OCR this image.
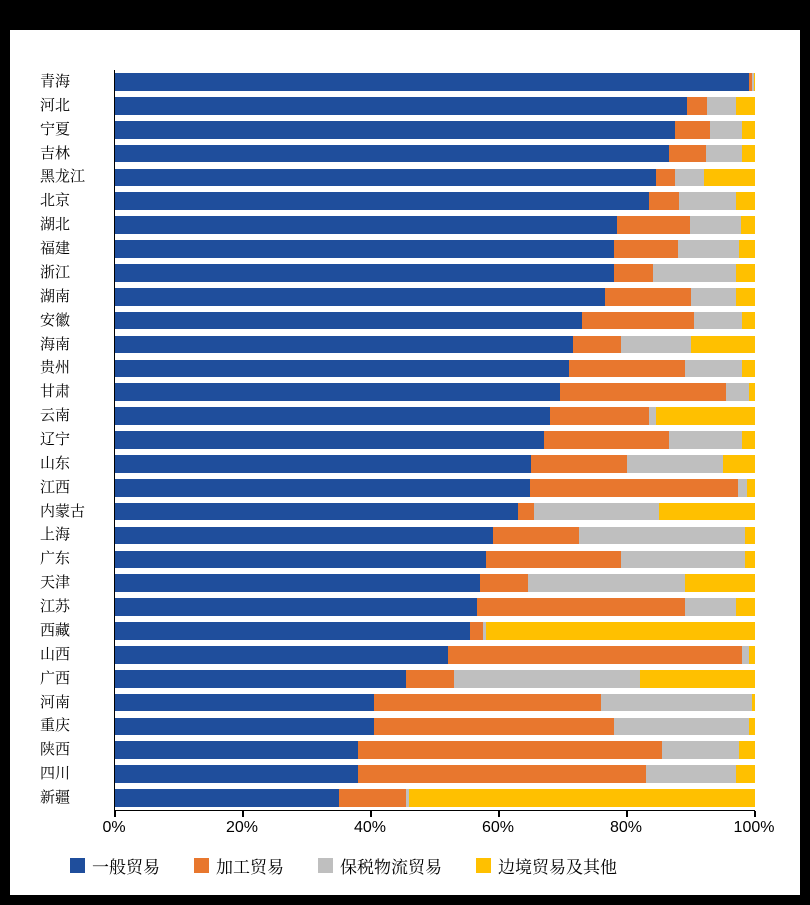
青海
河北
宁夏
吉林
黑龙江
北京
湖北
福建
浙江
湖南
安徽
海南
贵州
甘肃
云南
辽宁
山东
江西
内蒙古
上海
广东
天津
江苏
西藏
山西
广西
河南
重庆
陕西
四川
新疆
0%	20%	40%	60%	80%	100%
一般贸易	加工贸易	保税物流贸易	边境贸易及其他
